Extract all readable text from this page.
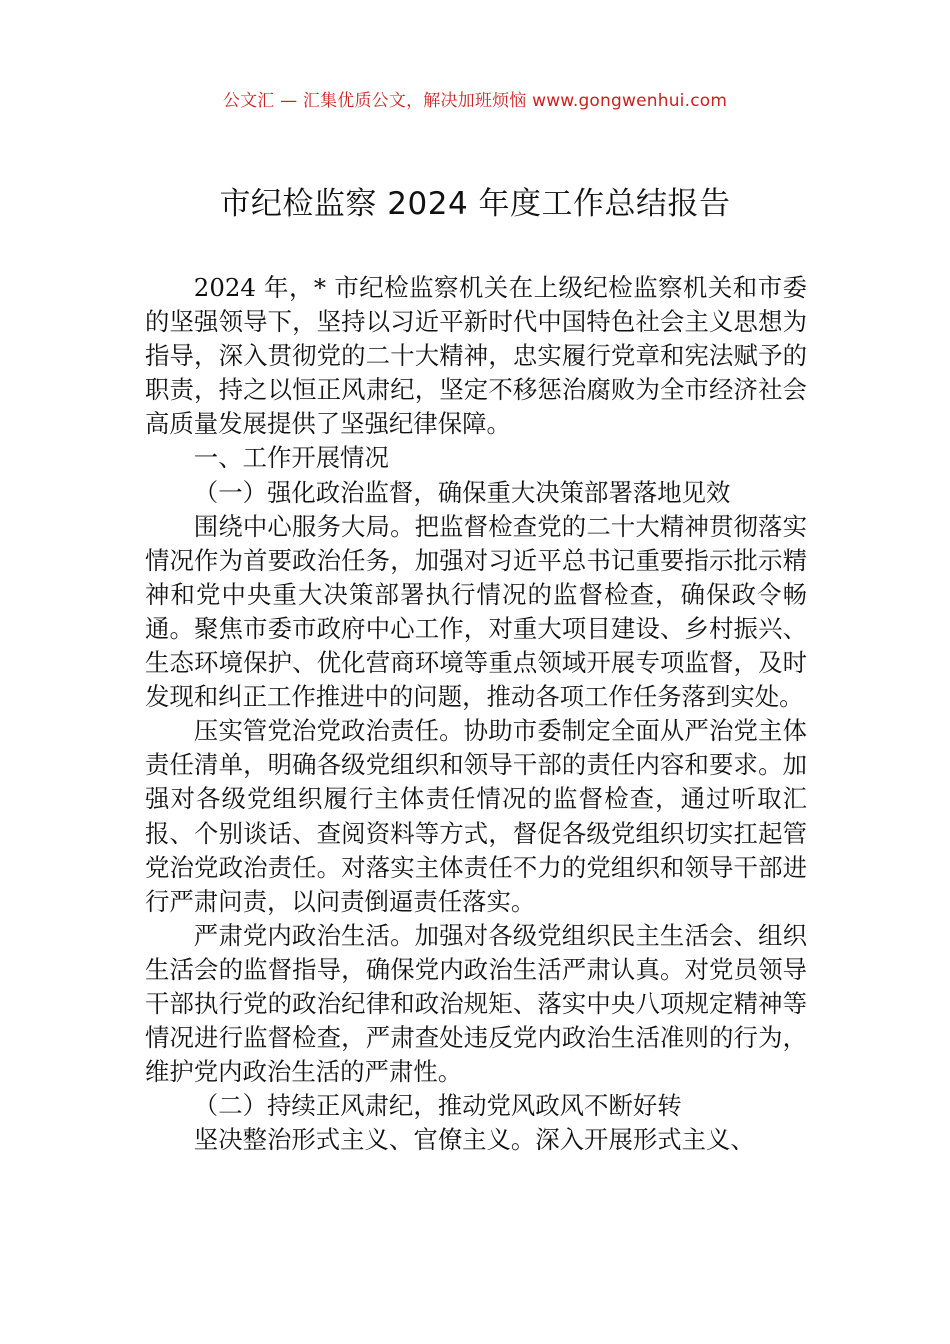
公文汇 — 汇集优质公文，解决加班烦恼 www.gongwenhui.com
市纪检监察 2024 年度工作总结报告

2024 年，* 市纪检监察机关在上级纪检监察机关和市委的坚强领导下，坚持以习近平新时代中国特色社会主义思想为指导，深入贯彻党的二十大精神，忠实履行党章和宪法赋予的职责，持之以恒正风肃纪，坚定不移惩治腐败为全市经济社会高质量发展提供了坚强纪律保障。

一、工作开展情况

（一）强化政治监督，确保重大决策部署落地见效

围绕中心服务大局。把监督检查党的二十大精神贯彻落实情况作为首要政治任务，加强对习近平总书记重要指示批示精神和党中央重大决策部署执行情况的监督检查，确保政令畅通。聚焦市委市政府中心工作，对重大项目建设、乡村振兴、生态环境保护、优化营商环境等重点领域开展专项监督，及时发现和纠正工作推进中的问题，推动各项工作任务落到实处。

压实管党治党政治责任。协助市委制定全面从严治党主体责任清单，明确各级党组织和领导干部的责任内容和要求。加强对各级党组织履行主体责任情况的监督检查，通过听取汇报、个别谈话、查阅资料等方式，督促各级党组织切实扛起管党治党政治责任。对落实主体责任不力的党组织和领导干部进行严肃问责，以问责倒逼责任落实。

严肃党内政治生活。加强对各级党组织民主生活会、组织生活会的监督指导，确保党内政治生活严肃认真。对党员领导干部执行党的政治纪律和政治规矩、落实中央八项规定精神等情况进行监督检查，严肃查处违反党内政治生活准则的行为，维护党内政治生活的严肃性。

（二）持续正风肃纪，推动党风政风不断好转

坚决整治形式主义、官僚主义。深入开展形式主义、
